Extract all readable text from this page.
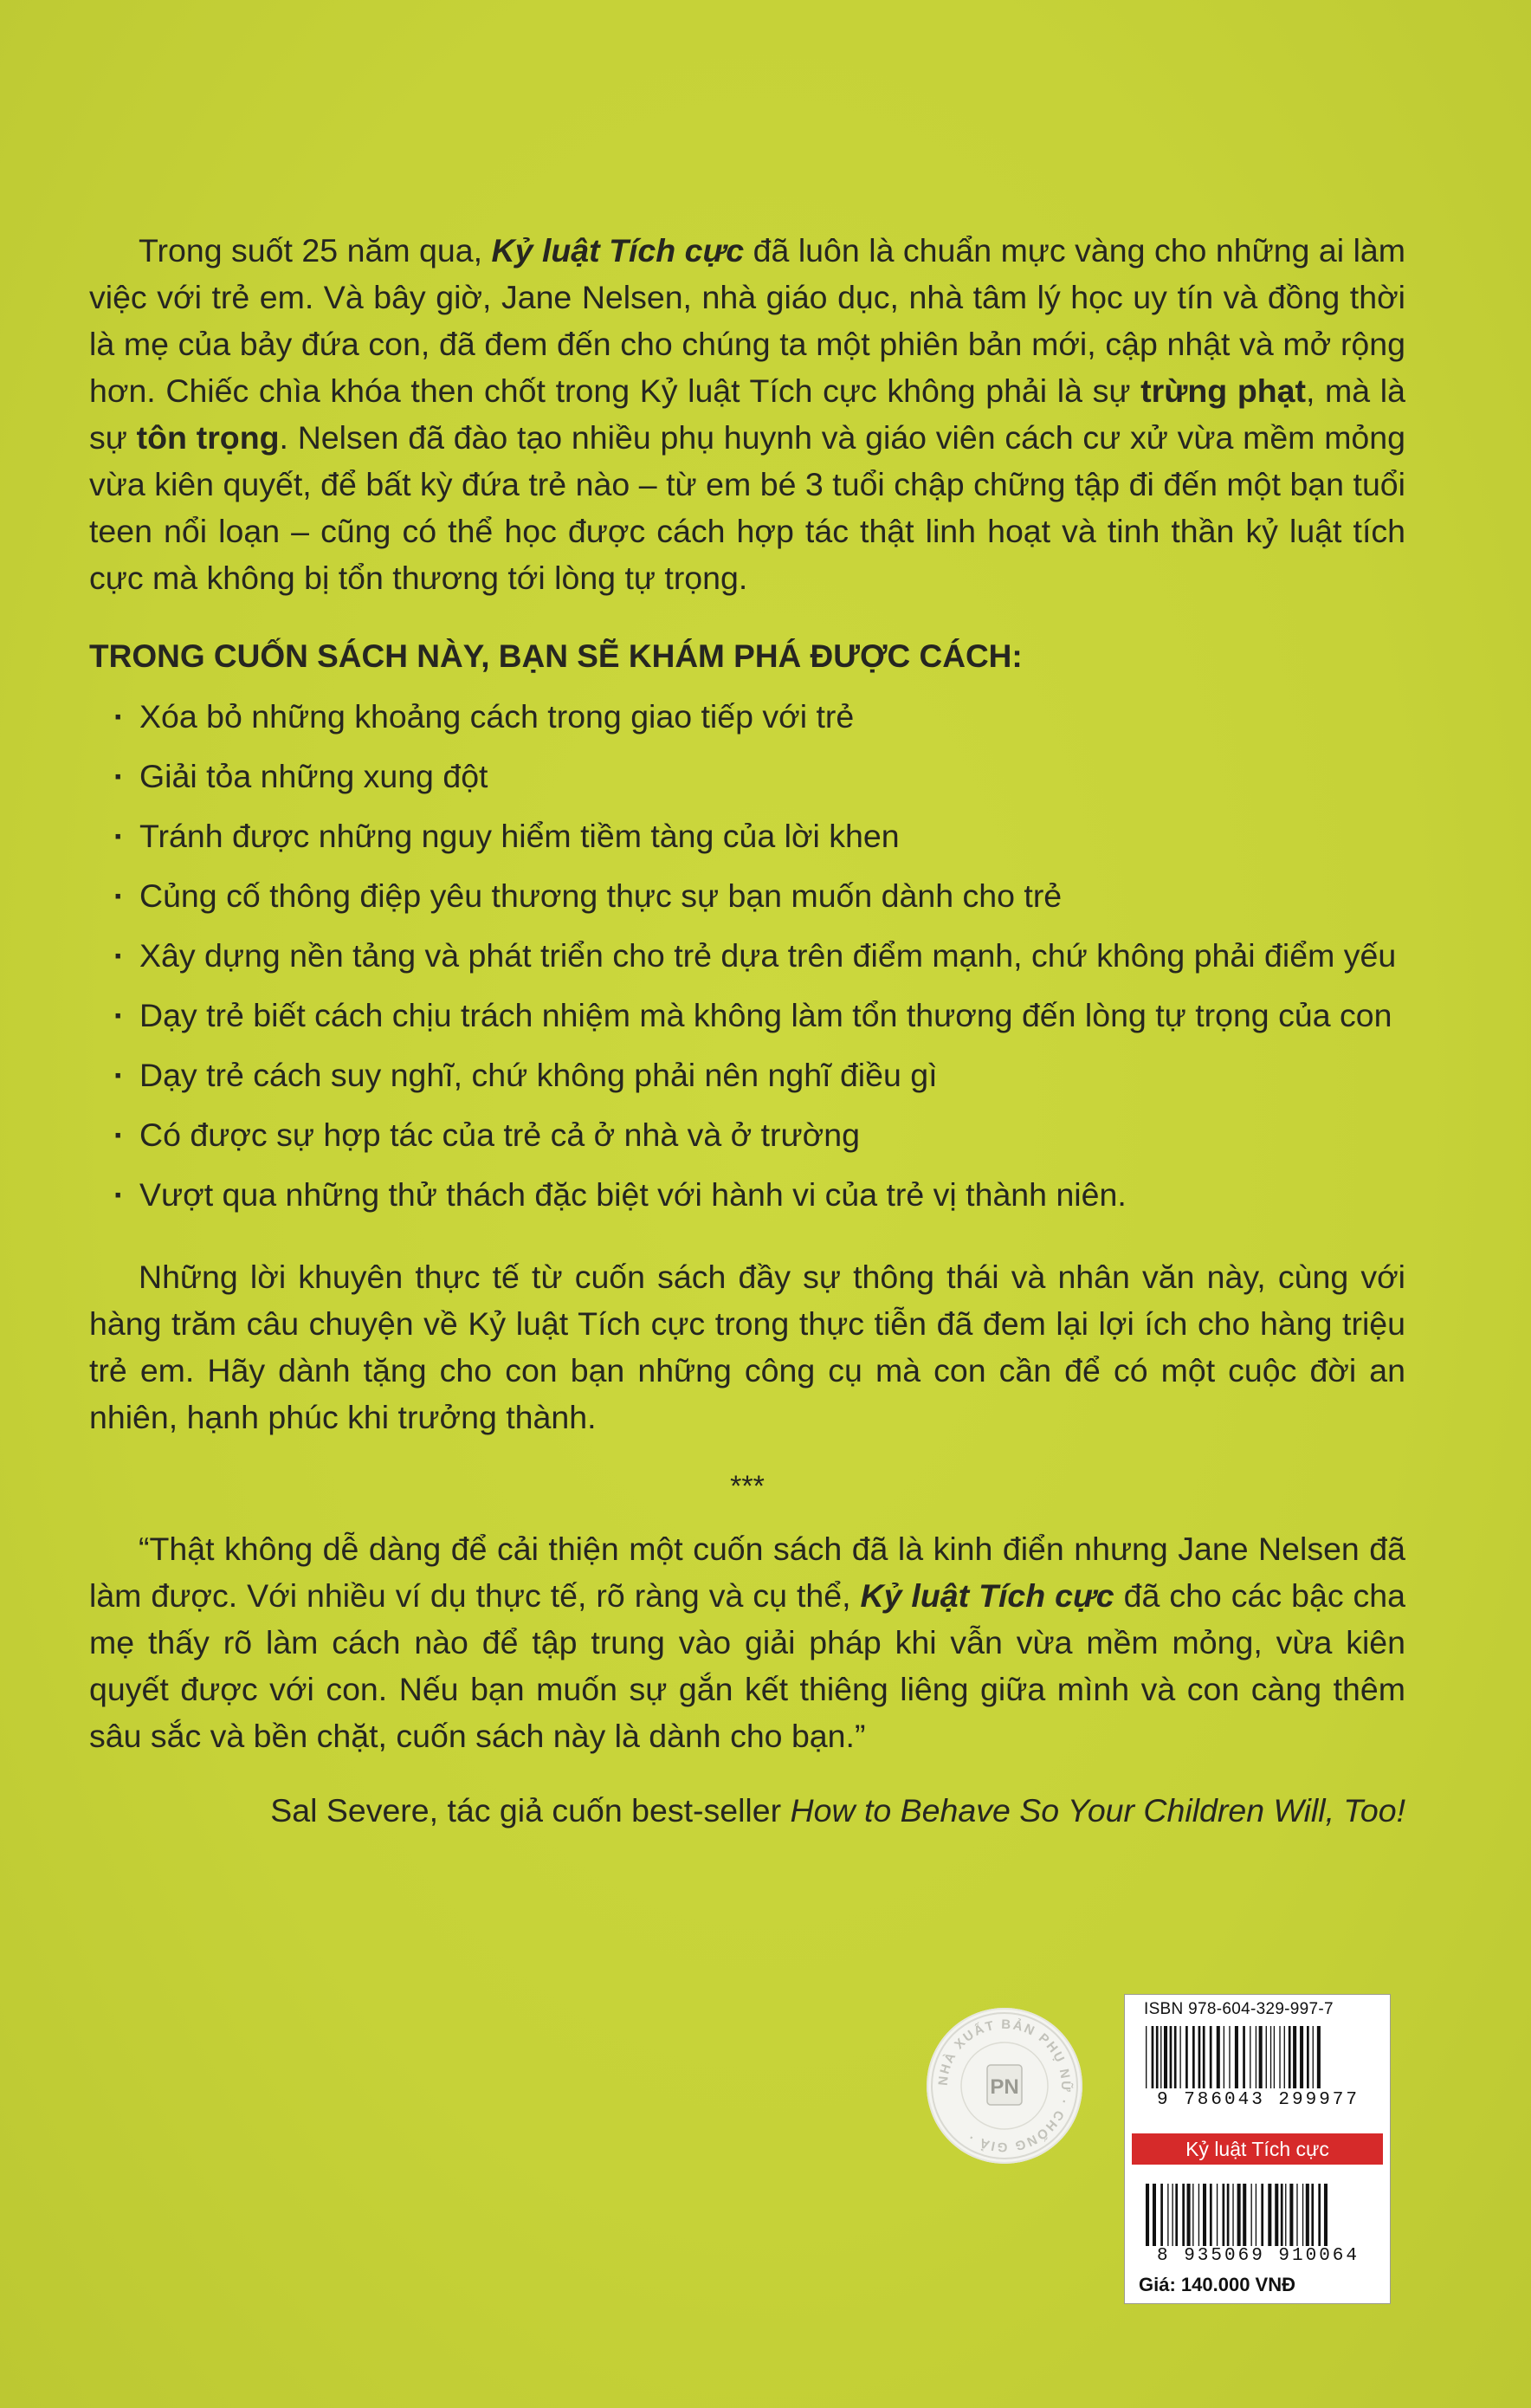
Trong suốt 25 năm qua, Kỷ luật Tích cực đã luôn là chuẩn mực vàng cho những ai làm việc với trẻ em. Và bây giờ, Jane Nelsen, nhà giáo dục, nhà tâm lý học uy tín và đồng thời là mẹ của bảy đứa con, đã đem đến cho chúng ta một phiên bản mới, cập nhật và mở rộng hơn. Chiếc chìa khóa then chốt trong Kỷ luật Tích cực không phải là sự trừng phạt, mà là sự tôn trọng. Nelsen đã đào tạo nhiều phụ huynh và giáo viên cách cư xử vừa mềm mỏng vừa kiên quyết, để bất kỳ đứa trẻ nào – từ em bé 3 tuổi chập chững tập đi đến một bạn tuổi teen nổi loạn – cũng có thể học được cách hợp tác thật linh hoạt và tinh thần kỷ luật tích cực mà không bị tổn thương tới lòng tự trọng.

TRONG CUỐN SÁCH NÀY, BẠN SẼ KHÁM PHÁ ĐƯỢC CÁCH:
· Xóa bỏ những khoảng cách trong giao tiếp với trẻ
· Giải tỏa những xung đột
· Tránh được những nguy hiểm tiềm tàng của lời khen
· Củng cố thông điệp yêu thương thực sự bạn muốn dành cho trẻ
· Xây dựng nền tảng và phát triển cho trẻ dựa trên điểm mạnh, chứ không phải điểm yếu
· Dạy trẻ biết cách chịu trách nhiệm mà không làm tổn thương đến lòng tự trọng của con
· Dạy trẻ cách suy nghĩ, chứ không phải nên nghĩ điều gì
· Có được sự hợp tác của trẻ cả ở nhà và ở trường
· Vượt qua những thử thách đặc biệt với hành vi của trẻ vị thành niên.

Những lời khuyên thực tế từ cuốn sách đầy sự thông thái và nhân văn này, cùng với hàng trăm câu chuyện về Kỷ luật Tích cực trong thực tiễn đã đem lại lợi ích cho hàng triệu trẻ em. Hãy dành tặng cho con bạn những công cụ mà con cần để có một cuộc đời an nhiên, hạnh phúc khi trưởng thành.

***

“Thật không dễ dàng để cải thiện một cuốn sách đã là kinh điển nhưng Jane Nelsen đã làm được. Với nhiều ví dụ thực tế, rõ ràng và cụ thể, Kỷ luật Tích cực đã cho các bậc cha mẹ thấy rõ làm cách nào để tập trung vào giải pháp khi vẫn vừa mềm mỏng, vừa kiên quyết được với con. Nếu bạn muốn sự gắn kết thiêng liêng giữa mình và con càng thêm sâu sắc và bền chặt, cuốn sách này là dành cho bạn.”

Sal Severe, tác giả cuốn best-seller How to Behave So Your Children Will, Too!
NHÀ XUẤT BẢN PHỤ NỮ · CHỐNG GIẢ ·
PN
ISBN 978-604-329-997-7
9 786043 299977
Kỷ luật Tích cực
8 935069 910064
Giá: 140.000 VNĐ
